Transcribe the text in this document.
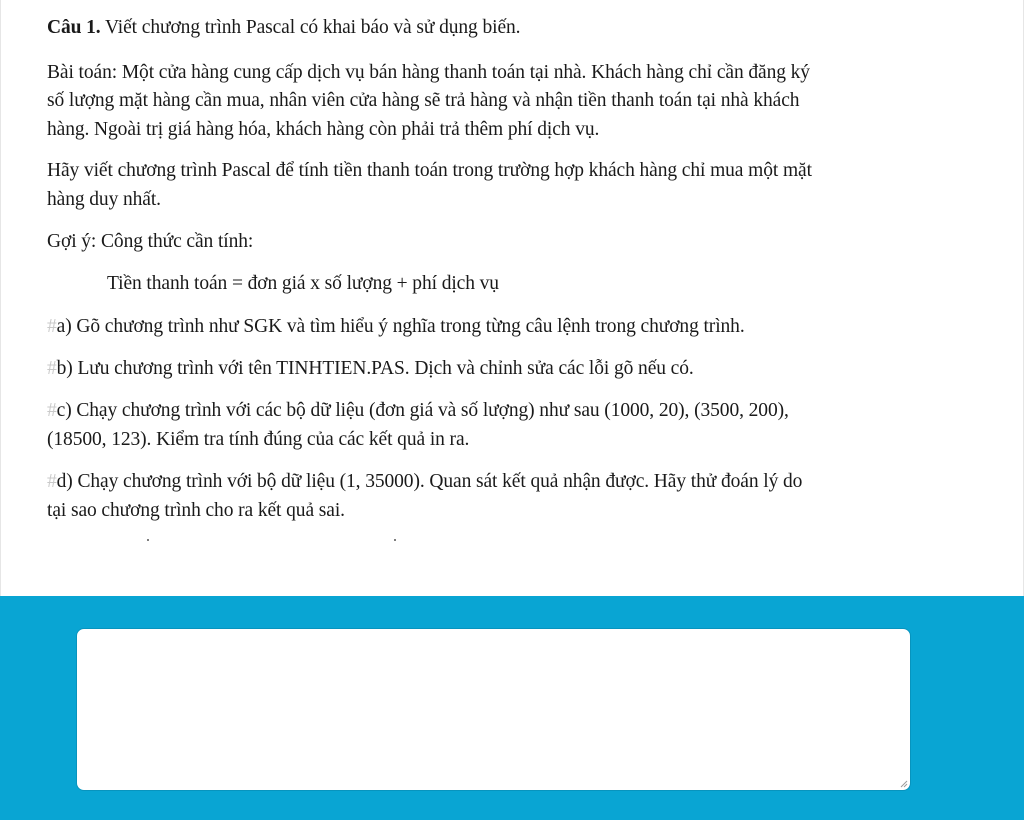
Câu 1. Viết chương trình Pascal có khai báo và sử dụng biến.
Bài toán: Một cửa hàng cung cấp dịch vụ bán hàng thanh toán tại nhà. Khách hàng chỉ cần đăng ký
số lượng mặt hàng cần mua, nhân viên cửa hàng sẽ trả hàng và nhận tiền thanh toán tại nhà khách
hàng. Ngoài trị giá hàng hóa, khách hàng còn phải trả thêm phí dịch vụ.
Hãy viết chương trình Pascal để tính tiền thanh toán trong trường hợp khách hàng chỉ mua một mặt
hàng duy nhất.
Gợi ý: Công thức cần tính:
Tiền thanh toán = đơn giá x số lượng + phí dịch vụ
#a) Gõ chương trình như SGK và tìm hiểu ý nghĩa trong từng câu lệnh trong chương trình.
#b) Lưu chương trình với tên TINHTIEN.PAS. Dịch và chỉnh sửa các lỗi gõ nếu có.
#c) Chạy chương trình với các bộ dữ liệu (đơn giá và số lượng) như sau (1000, 20), (3500, 200),
(18500, 123). Kiểm tra tính đúng của các kết quả in ra.
#d) Chạy chương trình với bộ dữ liệu (1, 35000). Quan sát kết quả nhận được. Hãy thử đoán lý do
tại sao chương trình cho ra kết quả sai.
